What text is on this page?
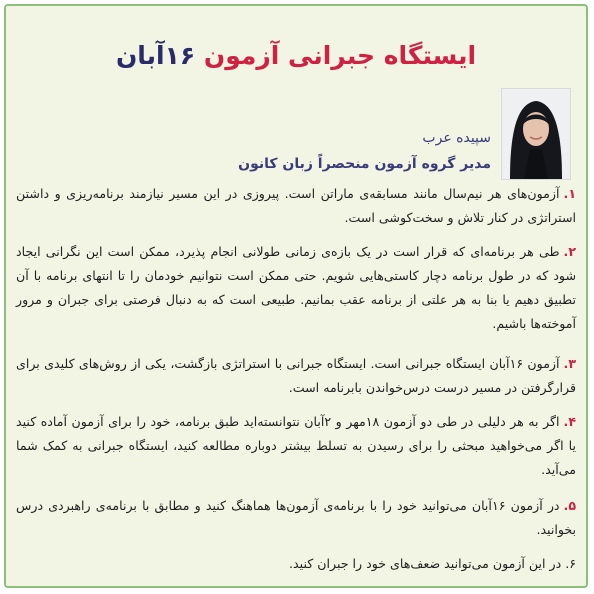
ایستگاه جبرانی آزمون ۱۶آبان
سپیده عرب
مدیر گروه آزمون منحصراً زبان کانون
۱.آزمون‌های هر نیم‌سال مانند مسابقه‌ی ماراتن است. پیروزی در این مسیر نیازمند برنامه‌ریزی و داشتن استراتژی در کنار تلاش و سخت‌کوشی است.
۲.طی هر برنامه‌ای که قرار است در یک بازه‌ی زمانی طولانی انجام پذیرد، ممکن است این نگرانی ایجاد شود که در طول برنامه دچار کاستی‌هایی شویم. حتی ممکن است نتوانیم خودمان را تا انتهای برنامه با آن تطبیق دهیم یا بنا به هر علتی از برنامه عقب بمانیم. طبیعی است که به دنبال فرصتی برای جبران و مرور آموخته‌ها باشیم.
۳.آزمون ۱۶آبان ایستگاه جبرانی است. ایستگاه جبرانی با استراتژی بازگشت، یکی از روش‌های کلیدی برای قرارگرفتن در مسیر درست درس‌خواندن بابرنامه است.
۴.اگر به هر دلیلی در طی دو آزمون ۱۸مهر و ۲آبان نتوانسته‌اید طبق برنامه، خود را برای آزمون آماده کنید یا اگر می‌خواهید مبحثی را برای رسیدن به تسلط بیشتر دوباره مطالعه کنید، ایستگاه جبرانی به کمک شما می‌آید.
۵.در آزمون ۱۶آبان می‌توانید خود را با برنامه‌ی آزمون‌ها هماهنگ کنید و مطابق با برنامه‌ی راهبردی درس بخوانید.
۶.در این آزمون می‌توانید ضعف‌های خود را جبران کنید.
